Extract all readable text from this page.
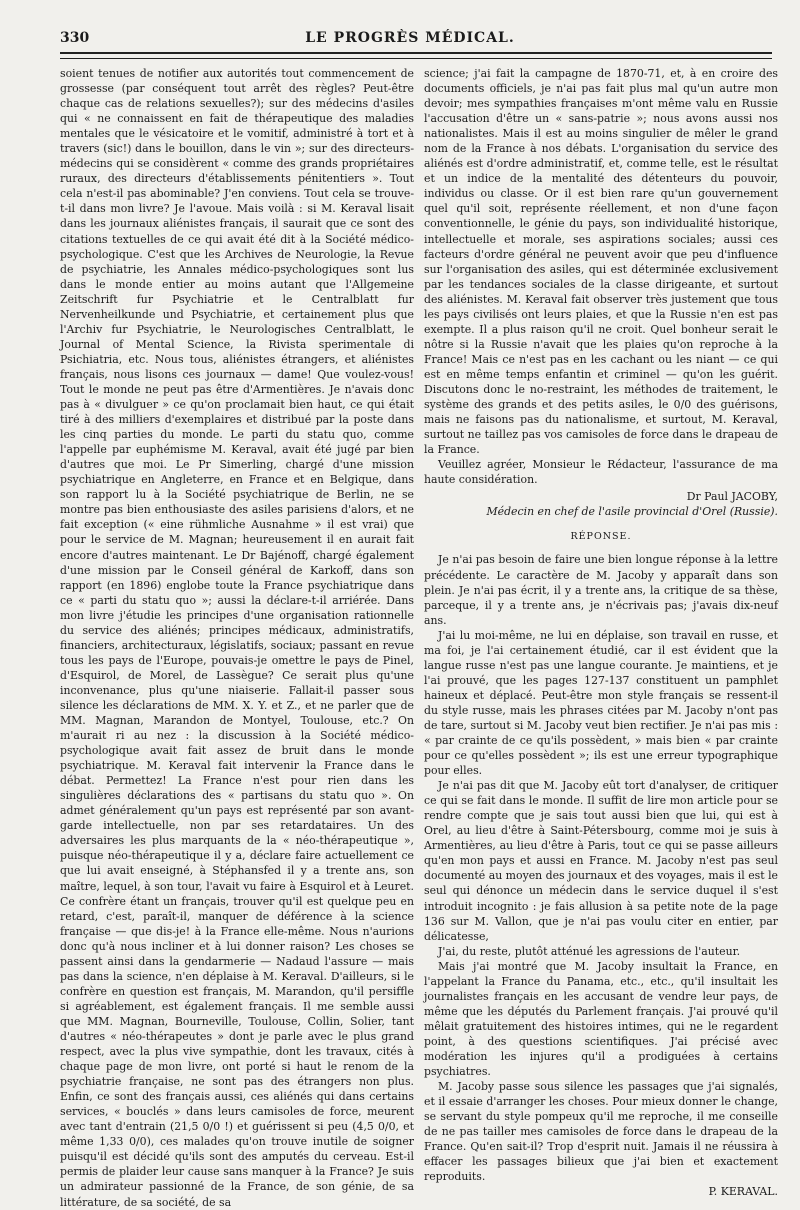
330	LE PROGRÈS MÉDICAL.

soient tenues de notifier aux autorités tout commencement de grossesse (par conséquent tout arrêt des règles? Peut-être chaque cas de relations sexuelles?); sur des médecins d'asiles qui « ne connaissent en fait de thérapeutique des maladies mentales que le vésicatoire et le vomitif, administré à tort et à travers (sic!) dans le bouillon, dans le vin »; sur des directeurs-médecins qui se considèrent « comme des grands propriétaires ruraux, des directeurs d'établissements pénitentiers ». Tout cela n'est-il pas abominable? J'en conviens. Tout cela se trouve-t-il dans mon livre? Je l'avoue. Mais voilà : si M. Keraval lisait dans les journaux aliénistes français, il saurait que ce sont des citations textuelles de ce qui avait été dit à la Société médico-psychologique. C'est que les Archives de Neurologie, la Revue de psychiatrie, les Annales médico-psychologiques sont lus dans le monde entier au moins autant que l'Allgemeine Zeitschrift fur Psychiatrie et le Centralblatt fur Nervenheilkunde und Psychiatrie, et certainement plus que l'Archiv fur Psychiatrie, le Neurologisches Centralblatt, le Journal of Mental Science, la Rivista sperimentale di Psichiatria, etc. Nous tous, aliénistes étrangers, et aliénistes français, nous lisons ces journaux — dame! Que voulez-vous! Tout le monde ne peut pas être d'Armentières. Je n'avais donc pas à « divulguer » ce qu'on proclamait bien haut, ce qui était tiré à des milliers d'exemplaires et distribué par la poste dans les cinq parties du monde. Le parti du statu quo, comme l'appelle par euphémisme M. Keraval, avait été jugé par bien d'autres que moi. Le Pr Simerling, chargé d'une mission psychiatrique en Angleterre, en France et en Belgique, dans son rapport lu à la Société psychiatrique de Berlin, ne se montre pas bien enthousiaste des asiles parisiens d'alors, et ne fait exception (« eine rühmliche Ausnahme » il est vrai) que pour le service de M. Magnan; heureusement il en aurait fait encore d'autres maintenant. Le Dr Bajénoff, chargé également d'une mission par le Conseil général de Karkoff, dans son rapport (en 1896) englobe toute la France psychiatrique dans ce « parti du statu quo »; aussi la déclare-t-il arriérée. Dans mon livre j'étudie les principes d'une organisation rationnelle du service des aliénés; principes médicaux, administratifs, financiers, architecturaux, législatifs, sociaux; passant en revue tous les pays de l'Europe, pouvais-je omettre le pays de Pinel, d'Esquirol, de Morel, de Lassègue? Ce serait plus qu'une inconvenance, plus qu'une niaiserie. Fallait-il passer sous silence les déclarations de MM. X. Y. et Z., et ne parler que de MM. Magnan, Marandon de Montyel, Toulouse, etc.? On m'aurait ri au nez : la discussion à la Société médico-psychologique avait fait assez de bruit dans le monde psychiatrique. M. Keraval fait intervenir la France dans le débat. Permettez! La France n'est pour rien dans les singulières déclarations des « partisans du statu quo ». On admet généralement qu'un pays est représenté par son avant-garde intellectuelle, non par ses retardataires. Un des adversaires les plus marquants de la « néo-thérapeutique », puisque néo-thérapeutique il y a, déclare faire actuellement ce que lui avait enseigné, à Stéphansfed il y a trente ans, son maître, lequel, à son tour, l'avait vu faire à Esquirol et à Leuret. Ce confrère étant un français, trouver qu'il est quelque peu en retard, c'est, paraît-il, manquer de déférence à la science française — que dis-je! à la France elle-même. Nous n'aurions donc qu'à nous incliner et à lui donner raison? Les choses se passent ainsi dans la gendarmerie — Nadaud l'assure — mais pas dans la science, n'en déplaise à M. Keraval. D'ailleurs, si le confrère en question est français, M. Marandon, qu'il persiffle si agréablement, est également français. Il me semble aussi que MM. Magnan, Bourneville, Toulouse, Collin, Solier, tant d'autres « néo-thérapeutes » dont je parle avec le plus grand respect, avec la plus vive sympathie, dont les travaux, cités à chaque page de mon livre, ont porté si haut le renom de la psychiatrie française, ne sont pas des étrangers non plus. Enfin, ce sont des français aussi, ces aliénés qui dans certains services, « bouclés » dans leurs camisoles de force, meurent avec tant d'entrain (21,5 0/0 !) et guérissent si peu (4,5 0/0, et même 1,33 0/0), ces malades qu'on trouve inutile de soigner puisqu'il est décidé qu'ils sont des amputés du cerveau. Est-il permis de plaider leur cause sans manquer à la France? Je suis un admirateur passionné de la France, de son génie, de sa littérature, de sa société, de sa

science; j'ai fait la campagne de 1870-71, et, à en croire des documents officiels, je n'ai pas fait plus mal qu'un autre mon devoir; mes sympathies françaises m'ont même valu en Russie l'accusation d'être un « sans-patrie »; nous avons aussi nos nationalistes. Mais il est au moins singulier de mêler le grand nom de la France à nos débats. L'organisation du service des aliénés est d'ordre administratif, et, comme telle, est le résultat et un indice de la mentalité des détenteurs du pouvoir, individus ou classe. Or il est bien rare qu'un gouvernement quel qu'il soit, représente réellement, et non d'une façon conventionnelle, le génie du pays, son individualité historique, intellectuelle et morale, ses aspirations sociales; aussi ces facteurs d'ordre général ne peuvent avoir que peu d'influence sur l'organisation des asiles, qui est déterminée exclusivement par les tendances sociales de la classe dirigeante, et surtout des aliénistes. M. Keraval fait observer très justement que tous les pays civilisés ont leurs plaies, et que la Russie n'en est pas exempte. Il a plus raison qu'il ne croit. Quel bonheur serait le nôtre si la Russie n'avait que les plaies qu'on reproche à la France! Mais ce n'est pas en les cachant ou les niant — ce qui est en même temps enfantin et criminel — qu'on les guérit. Discutons donc le no-restraint, les méthodes de traitement, le système des grands et des petits asiles, le 0/0 des guérisons, mais ne faisons pas du nationalisme, et surtout, M. Keraval, surtout ne taillez pas vos camisoles de force dans le drapeau de la France.

Veuillez agréer, Monsieur le Rédacteur, l'assurance de ma haute considération.

Dr Paul JACOBY,
Médecin en chef de l'asile provincial d'Orel (Russie).
RÉPONSE.

Je n'ai pas besoin de faire une bien longue réponse à la lettre précédente. Le caractère de M. Jacoby y apparaît dans son plein. Je n'ai pas écrit, il y a trente ans, la critique de sa thèse, parceque, il y a trente ans, je n'écrivais pas; j'avais dix-neuf ans.

J'ai lu moi-même, ne lui en déplaise, son travail en russe, et ma foi, je l'ai certainement étudié, car il est évident que la langue russe n'est pas une langue courante. Je maintiens, et je l'ai prouvé, que les pages 127-137 constituent un pamphlet haineux et déplacé. Peut-être mon style français se ressent-il du style russe, mais les phrases citées par M. Jacoby n'ont pas de tare, surtout si M. Jacoby veut bien rectifier. Je n'ai pas mis : « par crainte de ce qu'ils possèdent, » mais bien « par crainte pour ce qu'elles possèdent »; ils est une erreur typographique pour elles.

Je n'ai pas dit que M. Jacoby eût tort d'analyser, de critiquer ce qui se fait dans le monde. Il suffit de lire mon article pour se rendre compte que je sais tout aussi bien que lui, qui est à Orel, au lieu d'être à Saint-Pétersbourg, comme moi je suis à Armentières, au lieu d'être à Paris, tout ce qui se passe ailleurs qu'en mon pays et aussi en France. M. Jacoby n'est pas seul documenté au moyen des journaux et des voyages, mais il est le seul qui dénonce un médecin dans le service duquel il s'est introduit incognito : je fais allusion à sa petite note de la page 136 sur M. Vallon, que je n'ai pas voulu citer en entier, par délicatesse,

J'ai, du reste, plutôt atténué les agressions de l'auteur.

Mais j'ai montré que M. Jacoby insultait la France, en l'appelant la France du Panama, etc., etc., qu'il insultait les journalistes français en les accusant de vendre leur pays, de même que les députés du Parlement français. J'ai prouvé qu'il mêlait gratuitement des histoires intimes, qui ne le regardent point, à des questions scientifiques. J'ai précisé avec modération les injures qu'il a prodiguées à certains psychiatres.

M. Jacoby passe sous silence les passages que j'ai signalés, et il essaie d'arranger les choses. Pour mieux donner le change, se servant du style pompeux qu'il me reproche, il me conseille de ne pas tailler mes camisoles de force dans le drapeau de la France. Qu'en sait-il? Trop d'esprit nuit. Jamais il ne réussira à effacer les passages bilieux que j'ai bien et exactement reproduits.

P. KERAVAL.
